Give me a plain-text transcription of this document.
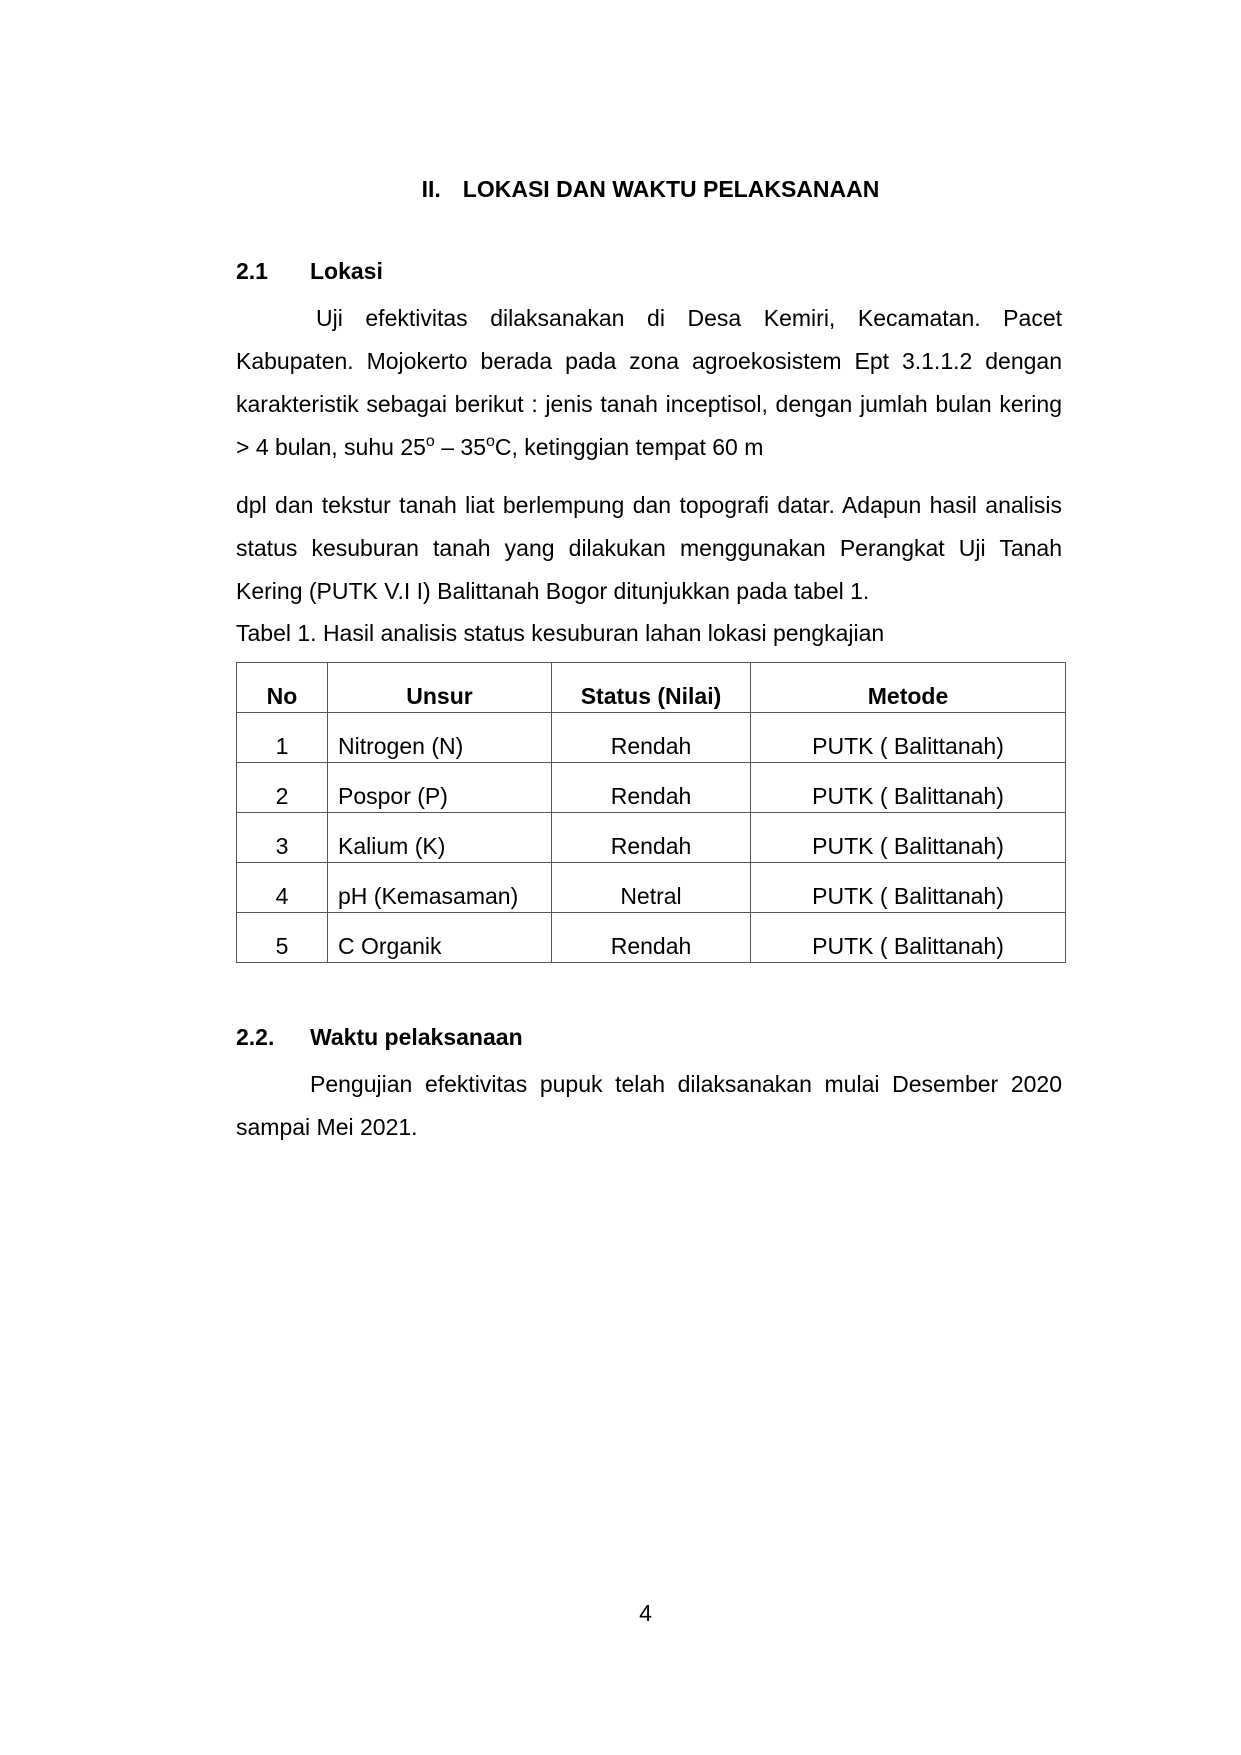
II. LOKASI DAN WAKTU PELAKSANAAN
2.1 Lokasi

Uji efektivitas dilaksanakan di Desa Kemiri, Kecamatan. Pacet Kabupaten. Mojokerto berada pada zona agroekosistem Ept 3.1.1.2 dengan karakteristik sebagai berikut : jenis tanah inceptisol, dengan jumlah bulan kering > 4 bulan, suhu 25$^o$ – 35$^o$C, ketinggian tempat 60 m

dpl dan tekstur tanah liat berlempung dan topografi datar. Adapun hasil analisis status kesuburan tanah yang dilakukan menggunakan Perangkat Uji Tanah Kering (PUTK V.I I) Balittanah Bogor ditunjukkan pada tabel 1.

Tabel 1. Hasil analisis status kesuburan lahan lokasi pengkajian

No	Unsur	Status (Nilai)	Metode
1	Nitrogen (N)	Rendah	PUTK ( Balittanah)
2	Pospor (P)	Rendah	PUTK ( Balittanah)
3	Kalium (K)	Rendah	PUTK ( Balittanah)
4	pH (Kemasaman)	Netral	PUTK ( Balittanah)
5	C Organik	Rendah	PUTK ( Balittanah)
2.2. Waktu pelaksanaan

Pengujian efektivitas pupuk telah dilaksanakan mulai Desember 2020 sampai Mei 2021.

4
